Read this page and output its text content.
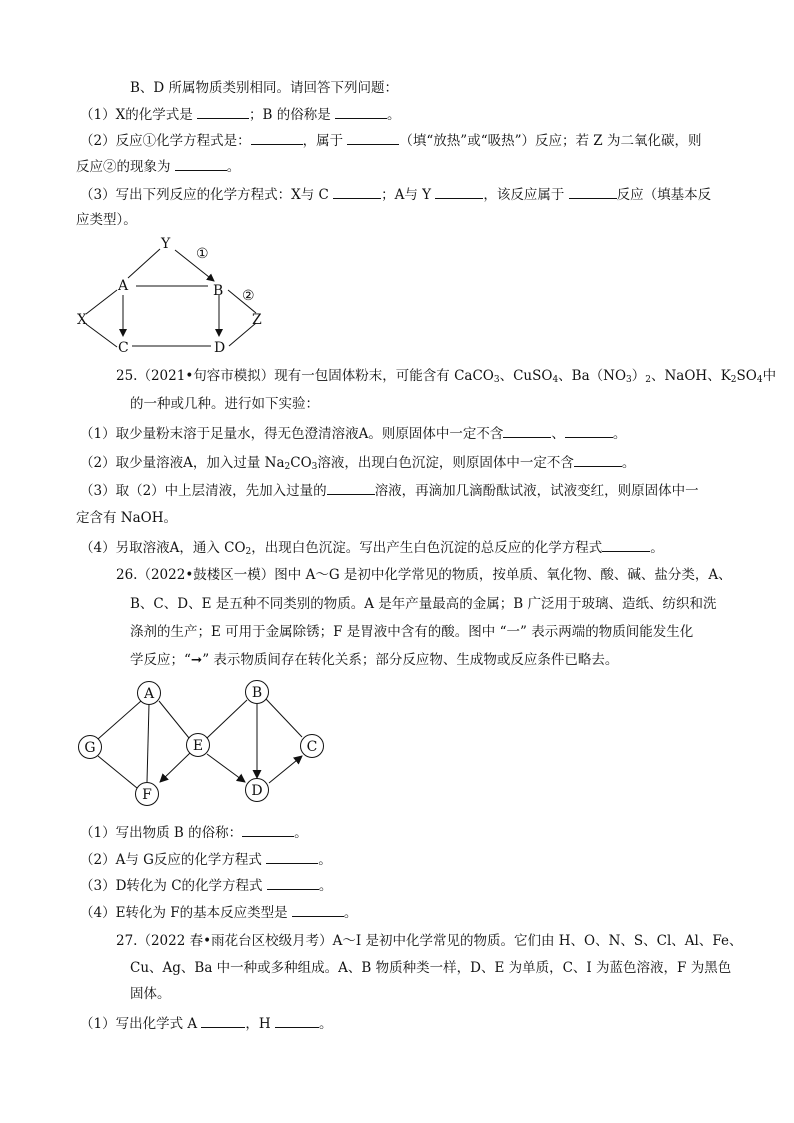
B、D 所属物质类别相同。请回答下列问题：
（1）X的化学式是	；B 的俗称是	。
（2）反应①化学方程式是：	，属于	（填“放热”或“吸热”）反应；若 Z 为二氧化碳，则
反应②的现象为	。
（3）写出下列反应的化学方程式：X与 C	；A与 Y	，该反应属于	反应（填基本反
应类型）。
Y
A	B
X	Z
C	D
①
②
25.（2021•句容市模拟）现有一包固体粉末，可能含有 CaCO$_3$、CuSO$_4$、$Ba(NO3)_2$、NaOH、$K_2SO_4$中
的一种或几种。进行如下实验：
（1）取少量粉末溶于足量水，得无色澄清溶液A。则原固体中一定不含	、	。
（2）取少量溶液A，加入过量 $Na_2CO_3$溶液，出现白色沉淀，则原固体中一定不含	。
（3）取（2）中上层清液，先加入过量的	溶液，再滴加几滴酚酞试液，试液变红，则原固体中一
定含有 NaOH。
（4）另取溶液A，通入 $CO_2$，出现白色沉淀。写出产生白色沉淀的总反应的化学方程式	。
26.（2022•鼓楼区一模）图中 A～G 是初中化学常见的物质，按单质、氧化物、酸、碱、盐分类，A、
B、C、D、E 是五种不同类别的物质。A 是年产量最高的金属；B 广泛用于玻璃、造纸、纺织和洗
涤剂的生产；E 可用于金属除锈；F 是胃液中含有的酸。图中 “一” 表示两端的物质间能发生化
学反应；“➞” 表示物质间存在转化关系；部分反应物、生成物或反应条件已略去。
A	B
G	E	C
F	D
（1）写出物质 B 的俗称：	。
（2）A与 G反应的化学方程式	。
（3）D转化为 C的化学方程式	。
（4）E转化为 F的基本反应类型是	。
27.（2022 春•雨花台区校级月考）A～I 是初中化学常见的物质。它们由 H、O、N、S、Cl、Al、Fe、
Cu、Ag、Ba 中一种或多种组成。A、B 物质种类一样，D、E 为单质，C、I 为蓝色溶液，F 为黑色
固体。
（1）写出化学式 A	，H	。
